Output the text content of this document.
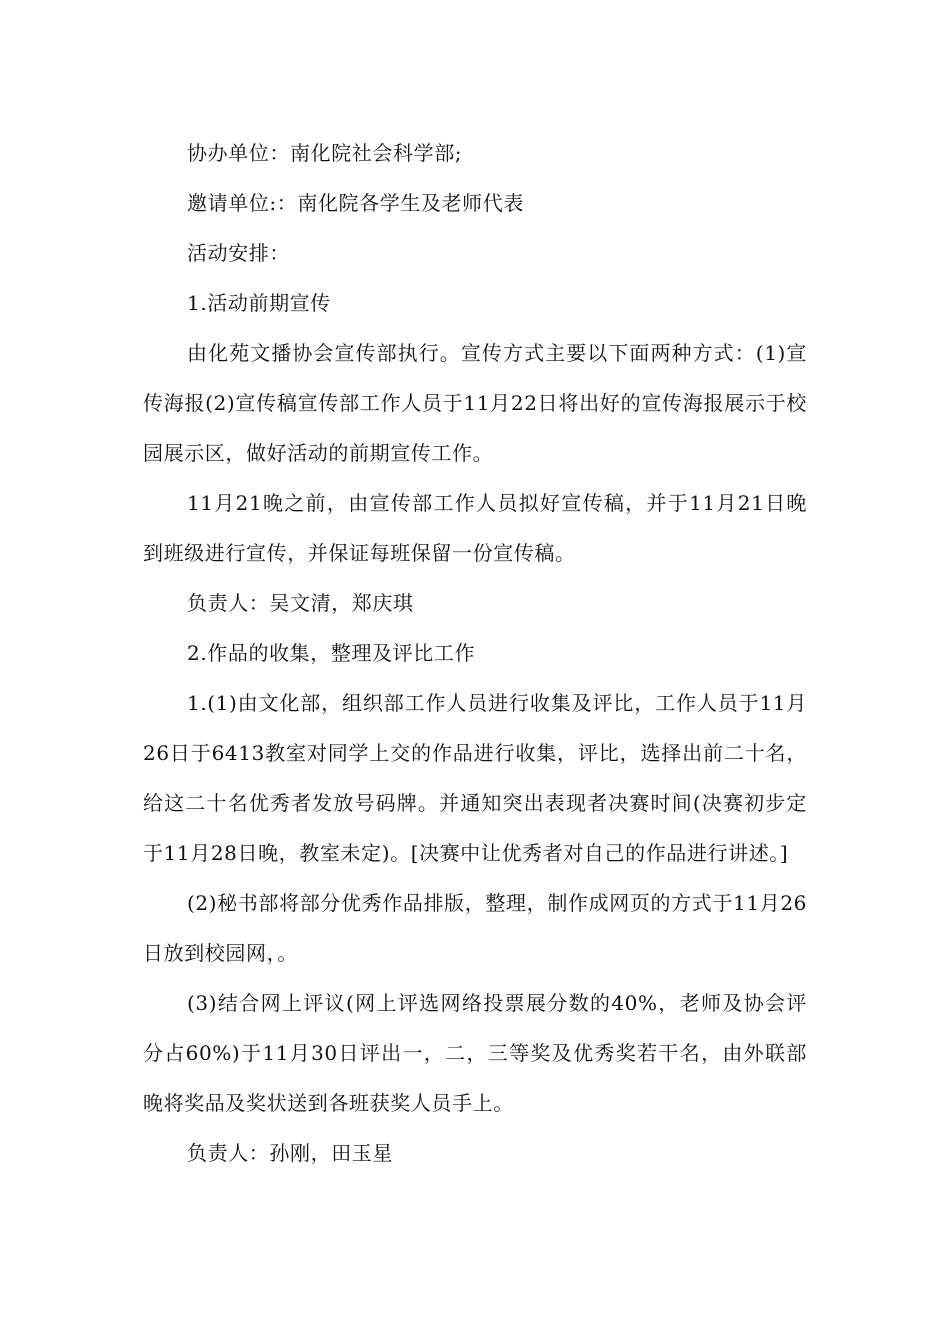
协办单位：南化院社会科学部;

邀请单位:：南化院各学生及老师代表

活动安排：

1.活动前期宣传

由化苑文播协会宣传部执行。宣传方式主要以下面两种方式：(1)宣传海报(2)宣传稿宣传部工作人员于11月22日将出好的宣传海报展示于校园展示区，做好活动的前期宣传工作。

11月21晚之前，由宣传部工作人员拟好宣传稿，并于11月21日晚到班级进行宣传，并保证每班保留一份宣传稿。

负责人：吴文清，郑庆琪

2.作品的收集，整理及评比工作

1.(1)由文化部，组织部工作人员进行收集及评比，工作人员于11月26日于6413教室对同学上交的作品进行收集，评比，选择出前二十名，给这二十名优秀者发放号码牌。并通知突出表现者决赛时间(决赛初步定于11月28日晚，教室未定)。[决赛中让优秀者对自己的作品进行讲述。]

(2)秘书部将部分优秀作品排版，整理，制作成网页的方式于11月26日放到校园网，。

(3)结合网上评议(网上评选网络投票展分数的40%，老师及协会评分占60%)于11月30日评出一，二，三等奖及优秀奖若干名，由外联部晚将奖品及奖状送到各班获奖人员手上。

负责人：孙刚，田玉星
